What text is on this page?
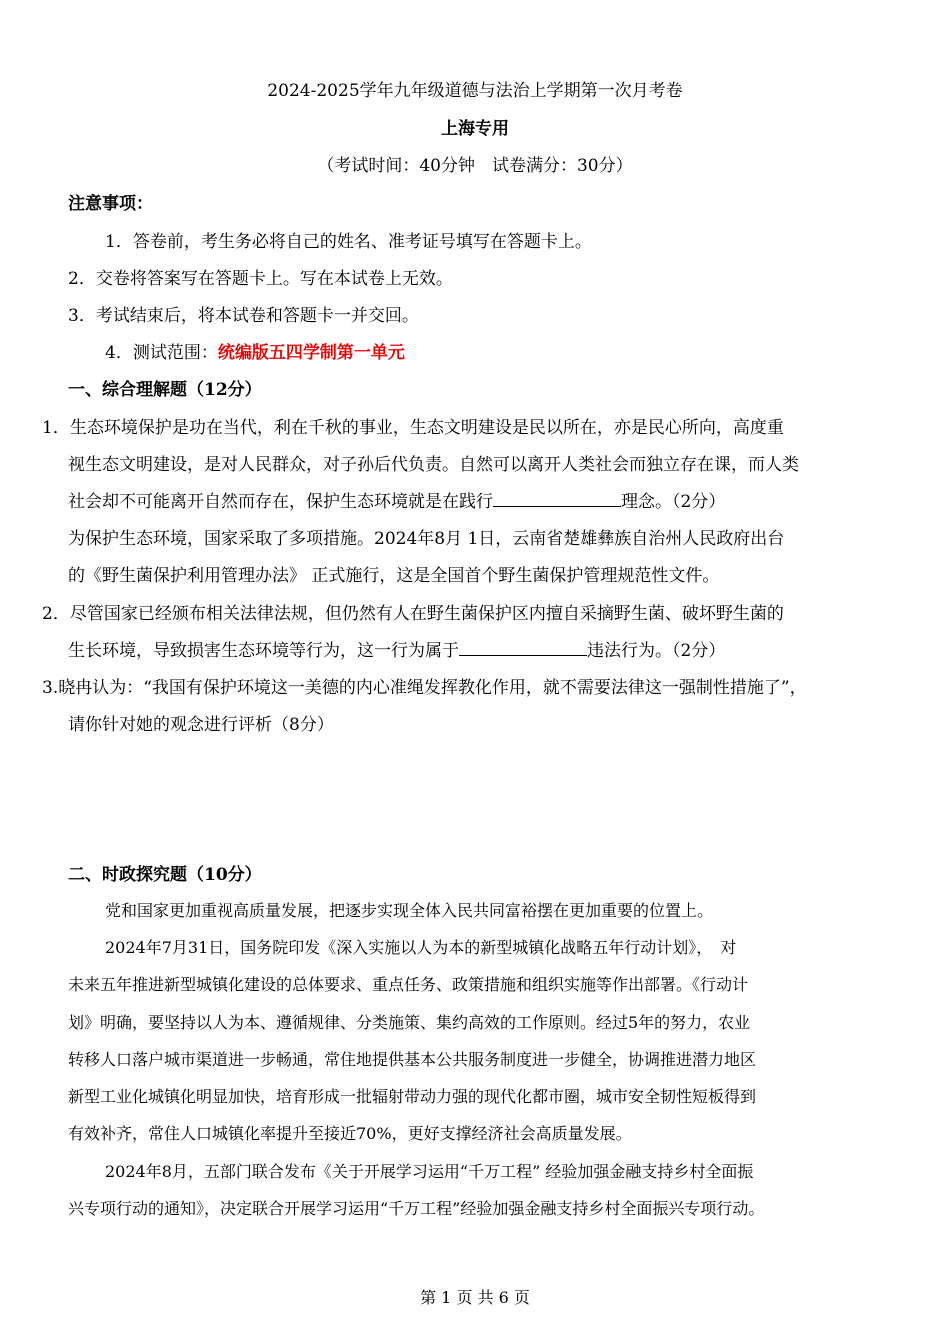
2024-2025学年九年级道德与法治上学期第一次月考卷
上海专用
（考试时间：40分钟　试卷满分：30分）
注意事项：
1．答卷前，考生务必将自己的姓名、准考证号填写在答题卡上。
2．交卷将答案写在答题卡上。写在本试卷上无效。
3．考试结束后，将本试卷和答题卡一并交回。
4．测试范围：统编版五四学制第一单元
一、综合理解题（12分）
1．生态环境保护是功在当代，利在千秋的事业，生态文明建设是民以所在，亦是民心所向，高度重
视生态文明建设，是对人民群众，对子孙后代负责。自然可以离开人类社会而独立存在课，而人类
社会却不可能离开自然而存在，保护生态环境就是在践行	理念。（2分）
为保护生态环境，国家采取了多项措施。2024年8月 1日，云南省楚雄彝族自治州人民政府出台
的《野生菌保护利用管理办法》 正式施行，这是全国首个野生菌保护管理规范性文件。
2．尽管国家已经颁布相关法律法规，但仍然有人在野生菌保护区内擅自采摘野生菌、破坏野生菌的
生长环境，导致损害生态环境等行为，这一行为属于	违法行为。（2分）
3.晓冉认为：“我国有保护环境这一美德的内心准绳发挥教化作用，就不需要法律这一强制性措施了”，
请你针对她的观念进行评析（8分）
二、时政探究题（10分）
党和国家更加重视高质量发展，把逐步实现全体入民共同富裕摆在更加重要的位置上。
2024年7月31日，国务院印发《深入实施以人为本的新型城镇化战略五年行动计划》，　对
未来五年推进新型城镇化建设的总体要求、重点任务、政策措施和组织实施等作出部署。《行动计
划》明确，要坚持以人为本、遵循规律、分类施策、集约高效的工作原则。经过5年的努力，农业
转移人口落户城市渠道进一步畅通，常住地提供基本公共服务制度进一步健全，协调推进潜力地区
新型工业化城镇化明显加快，培育形成一批辐射带动力强的现代化都市圈，城市安全韧性短板得到
有效补齐，常住人口城镇化率提升至接近70%，更好支撑经济社会高质量发展。
2024年8月，五部门联合发布《关于开展学习运用“千万工程” 经验加强金融支持乡村全面振
兴专项行动的通知》，决定联合开展学习运用“千万工程”经验加强金融支持乡村全面振兴专项行动。
第 1 页 共 6 页
